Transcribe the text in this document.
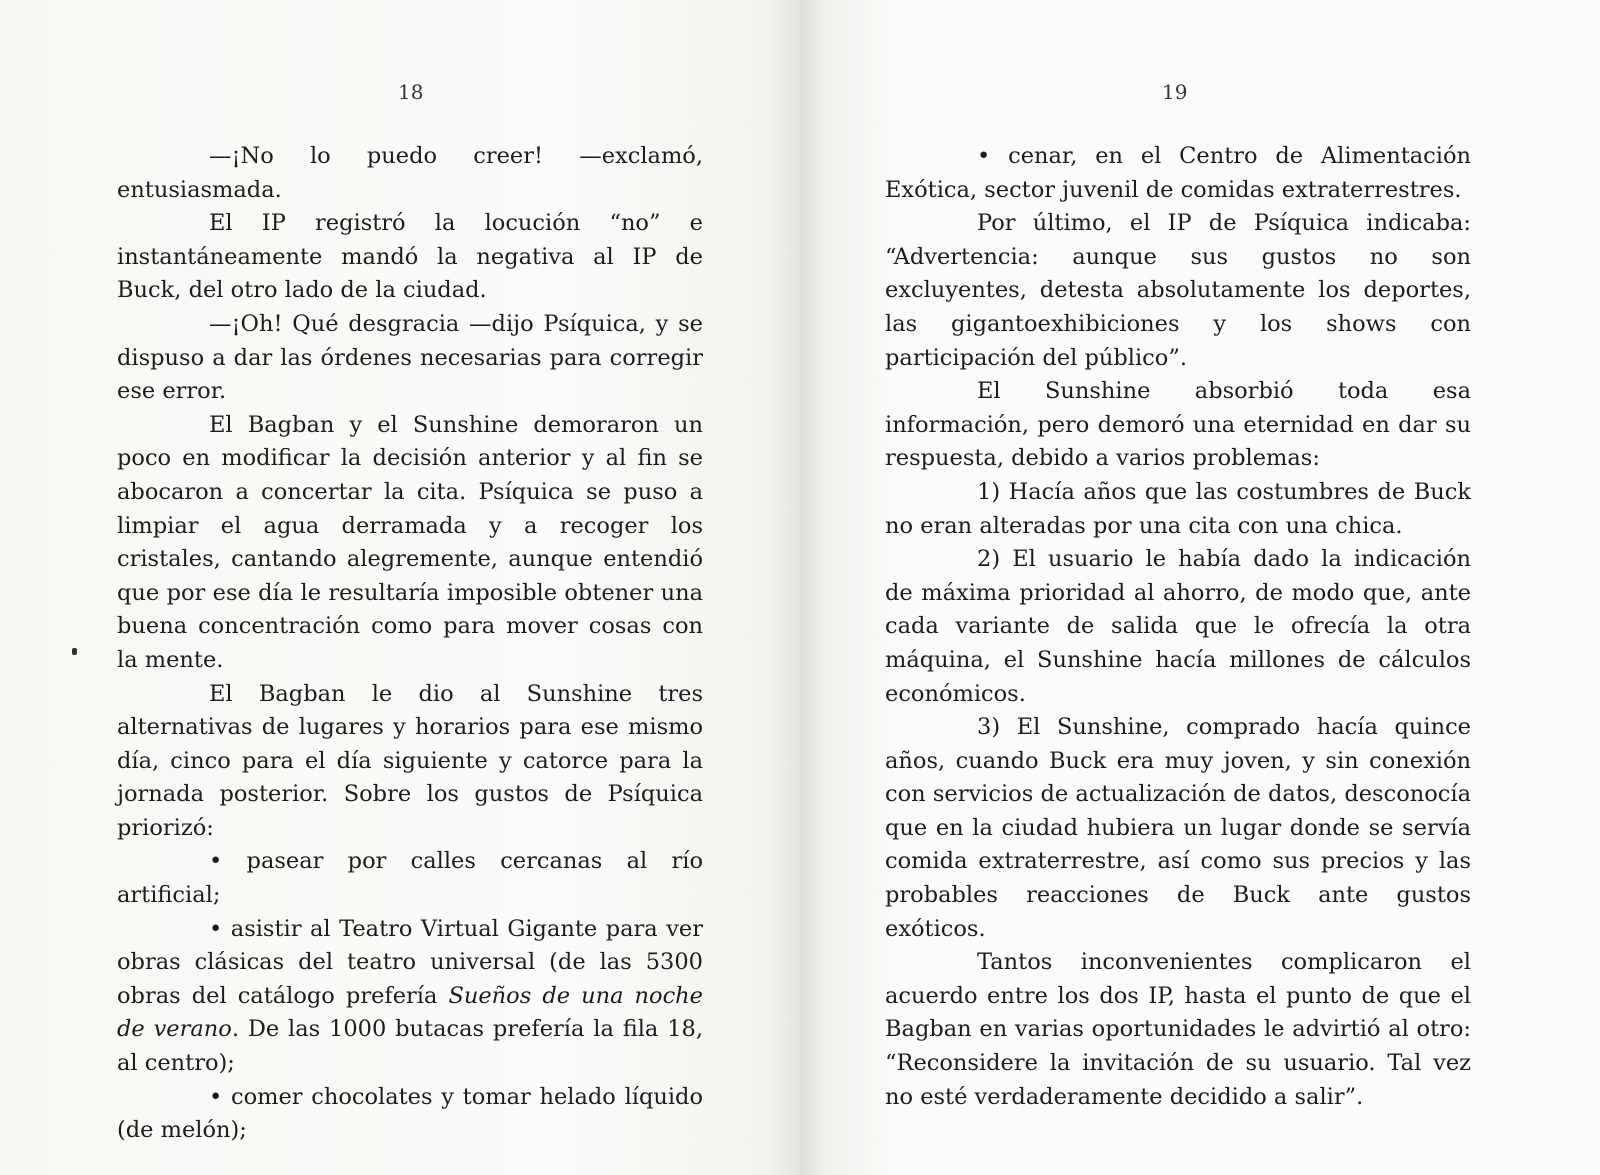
18	19

—¡No lo puedo creer! —exclamó, entusiasmada.

El IP registró la locución “no” e instantáneamente mandó la negativa al IP de Buck, del otro lado de la ciudad.

—¡Oh! Qué desgracia —dijo Psíquica, y se dispuso a dar las órdenes necesarias para corregir ese error.

El Bagban y el Sunshine demoraron un poco en modificar la decisión anterior y al fin se abocaron a concertar la cita. Psíquica se puso a limpiar el agua derramada y a recoger los cristales, cantando alegremente, aunque entendió que por ese día le resultaría imposible obtener una buena concentración como para mover cosas con la mente.

El Bagban le dio al Sunshine tres alternativas de lugares y horarios para ese mismo día, cinco para el día siguiente y catorce para la jornada posterior. Sobre los gustos de Psíquica priorizó:

• pasear por calles cercanas al río artificial;

• asistir al Teatro Virtual Gigante para ver obras clásicas del teatro universal (de las 5300 obras del catálogo prefería Sueños de una noche de verano. De las 1000 butacas prefería la fila 18, al centro);

• comer chocolates y tomar helado líquido (de melón);

• cenar, en el Centro de Alimentación Exótica, sector juvenil de comidas extraterrestres.

Por último, el IP de Psíquica indicaba: “Advertencia: aunque sus gustos no son excluyentes, detesta absolutamente los deportes, las gigantoexhibiciones y los shows con participación del público”.

El Sunshine absorbió toda esa información, pero demoró una eternidad en dar su respuesta, debido a varios problemas:

1) Hacía años que las costumbres de Buck no eran alteradas por una cita con una chica.

2) El usuario le había dado la indicación de máxima prioridad al ahorro, de modo que, ante cada variante de salida que le ofrecía la otra máquina, el Sunshine hacía millones de cálculos económicos.

3) El Sunshine, comprado hacía quince años, cuando Buck era muy joven, y sin conexión con servicios de actualización de datos, desconocía que en la ciudad hubiera un lugar donde se servía comida extraterrestre, así como sus precios y las probables reacciones de Buck ante gustos exóticos.

Tantos inconvenientes complicaron el acuerdo entre los dos IP, hasta el punto de que el Bagban en varias oportunidades le advirtió al otro: “Reconsidere la invitación de su usuario. Tal vez no esté verdaderamente decidido a salir”.
